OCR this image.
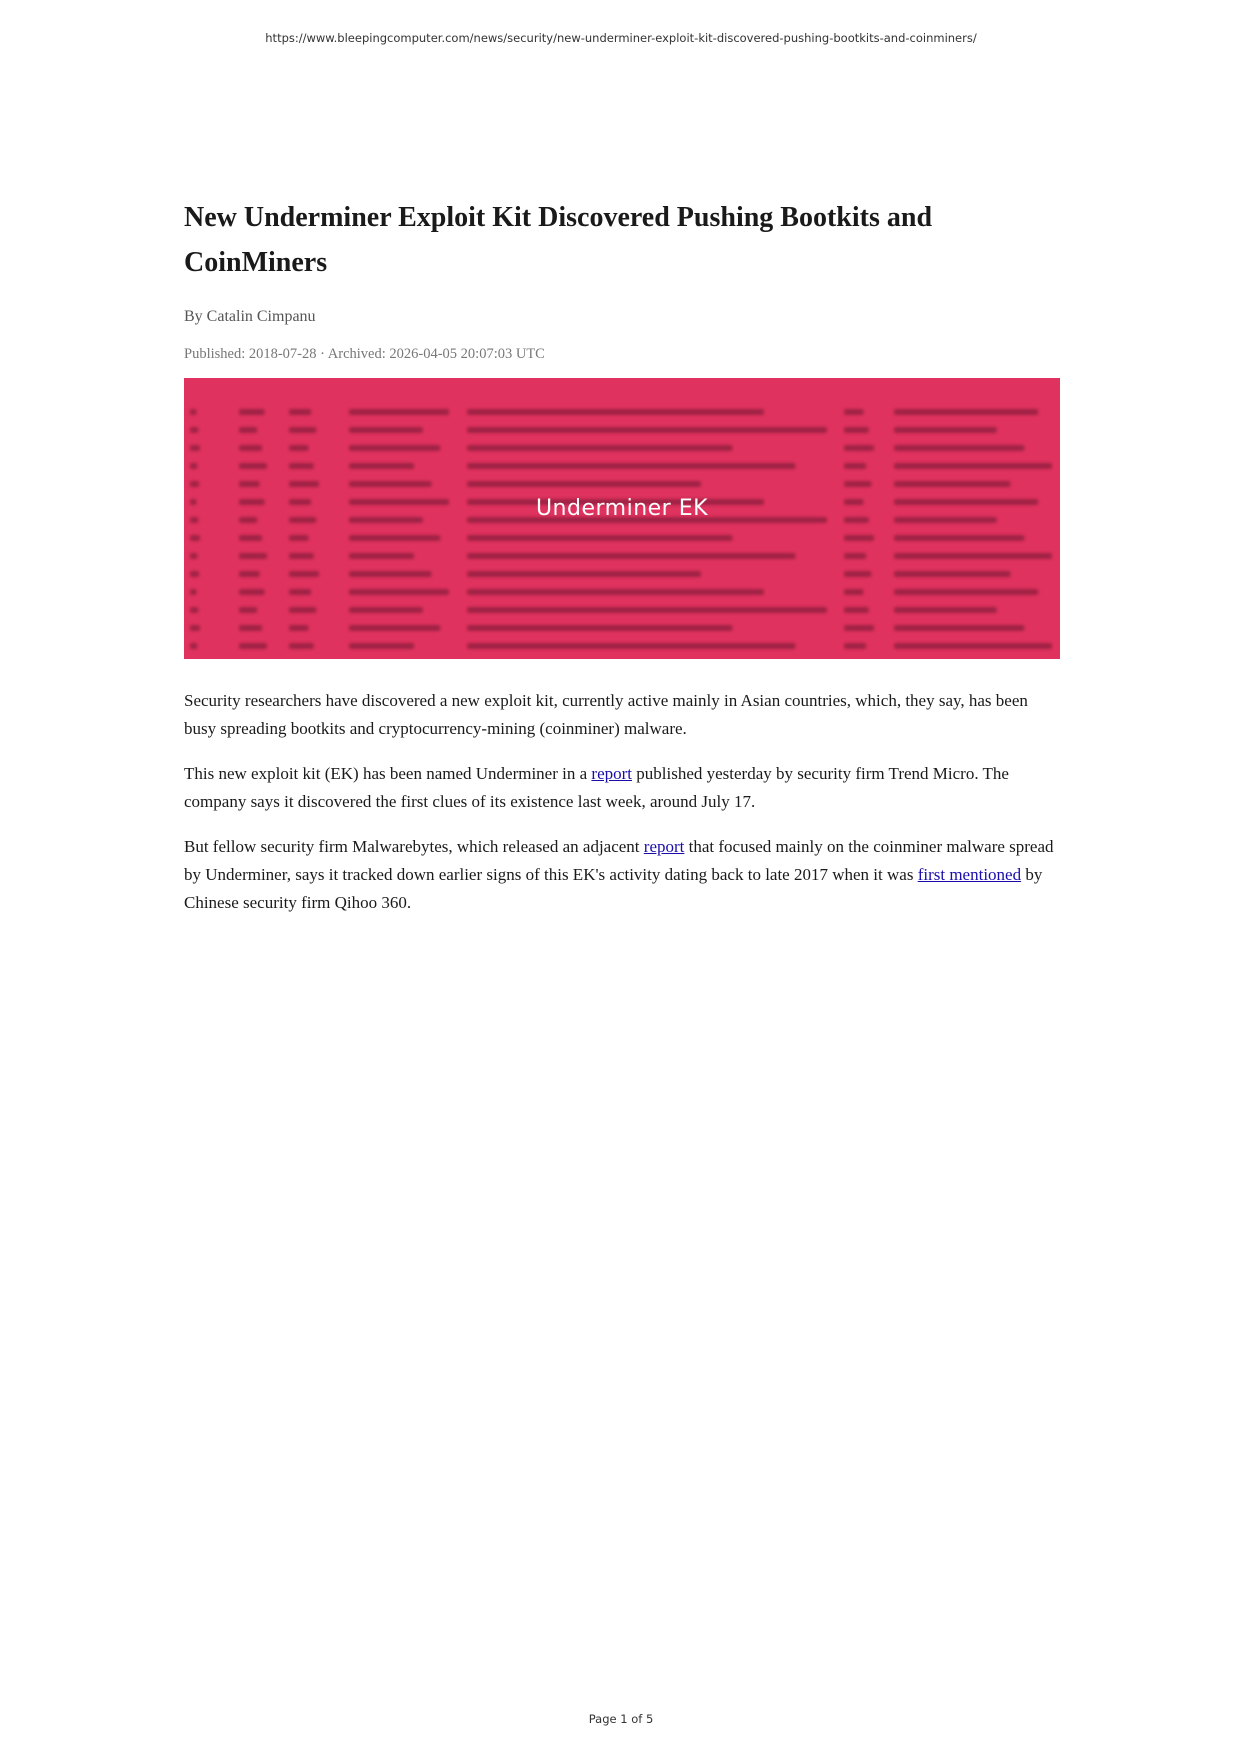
https://www.bleepingcomputer.com/news/security/new-underminer-exploit-kit-discovered-pushing-bootkits-and-coinminers/
New Underminer Exploit Kit Discovered Pushing Bootkits and CoinMiners
By Catalin Cimpanu
Published: 2018-07-28 · Archived: 2026-04-05 20:07:03 UTC
Underminer EK

Security researchers have discovered a new exploit kit, currently active mainly in Asian countries, which, they say, has been busy spreading bootkits and cryptocurrency-mining (coinminer) malware.

This new exploit kit (EK) has been named Underminer in a report published yesterday by security firm Trend Micro. The company says it discovered the first clues of its existence last week, around July 17.

But fellow security firm Malwarebytes, which released an adjacent report that focused mainly on the coinminer malware spread by Underminer, says it tracked down earlier signs of this EK's activity dating back to late 2017 when it was first mentioned by Chinese security firm Qihoo 360.

Page 1 of 5
